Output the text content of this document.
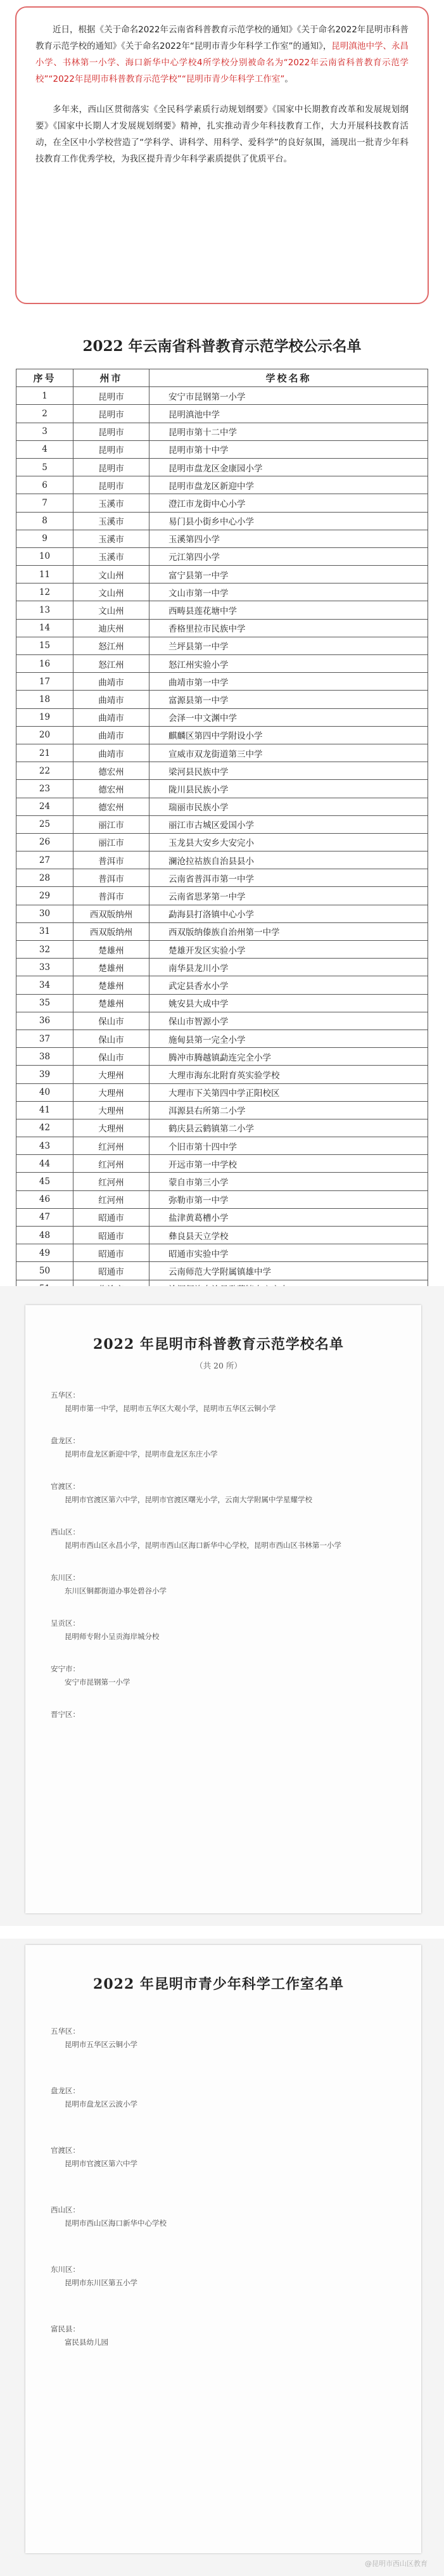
近日，根据《关于命名2022年云南省科普教育示范学校的通知》《关于命名2022年昆明市科普教育示范学校的通知》《关于命名2022年“昆明市青少年科学工作室”的通知》，昆明滇池中学、永昌小学、书林第一小学、海口新华中心学校4所学校分别被命名为“2022年云南省科普教育示范学校”“2022年昆明市科普教育示范学校”“昆明市青少年科学工作室”。

多年来，西山区贯彻落实《全民科学素质行动规划纲要》《国家中长期教育改革和发展规划纲要》《国家中长期人才发展规划纲要》精神，扎实推动青少年科技教育工作，大力开展科技教育活动，在全区中小学校营造了“学科学、讲科学、用科学、爱科学”的良好氛围，涌现出一批青少年科技教育工作优秀学校，为我区提升青少年科学素质提供了优质平台。

2022 年云南省科普教育示范学校公示名单
序号	州市	学校名称
1	昆明市	安宁市昆钢第一小学
2	昆明市	昆明滇池中学
3	昆明市	昆明市第十二中学
4	昆明市	昆明市第十中学
5	昆明市	昆明市盘龙区金康园小学
6	昆明市	昆明市盘龙区新迎中学
7	玉溪市	澄江市龙街中心小学
8	玉溪市	易门县小街乡中心小学
9	玉溪市	玉溪第四小学
10	玉溪市	元江第四小学
11	文山州	富宁县第一中学
12	文山州	文山市第一中学
13	文山州	西畴县莲花塘中学
14	迪庆州	香格里拉市民族中学
15	怒江州	兰坪县第一中学
16	怒江州	怒江州实验小学
17	曲靖市	曲靖市第一中学
18	曲靖市	富源县第一中学
19	曲靖市	会泽一中文渊中学
20	曲靖市	麒麟区第四中学附设小学
21	曲靖市	宣威市双龙街道第三中学
22	德宏州	梁河县民族中学
23	德宏州	陇川县民族小学
24	德宏州	瑞丽市民族小学
25	丽江市	丽江市古城区爱国小学
26	丽江市	玉龙县大安乡大安完小
27	普洱市	澜沧拉祜族自治县县小
28	普洱市	云南省普洱市第一中学
29	普洱市	云南省思茅第一中学
30	西双版纳州	勐海县打洛镇中心小学
31	西双版纳州	西双版纳傣族自治州第一中学
32	楚雄州	楚雄开发区实验小学
33	楚雄州	南华县龙川小学
34	楚雄州	武定县香水小学
35	楚雄州	姚安县大成中学
36	保山市	保山市智源小学
37	保山市	施甸县第一完全小学
38	保山市	腾冲市腾越镇勐连完全小学
39	大理州	大理市海东北附育英实验学校
40	大理州	大理市下关第四中学正阳校区
41	大理州	洱源县右所第二小学
42	大理州	鹤庆县云鹤镇第二小学
43	红河州	个旧市第十四中学
44	红河州	开远市第一中学校
45	红河州	蒙自市第三小学
46	红河州	弥勒市第一中学
47	昭通市	盐津黄葛槽小学
48	昭通市	彝良县天立学校
49	昭通市	昭通市实验中学
50	昭通市	云南师范大学附属镇雄中学

2022 年昆明市科普教育示范学校名单
（共 20 所）
五华区：
昆明市第一中学，昆明市五华区大观小学，昆明市五华区云铜小学
盘龙区：
昆明市盘龙区新迎中学，昆明市盘龙区东庄小学
官渡区：
昆明市官渡区第六中学，昆明市官渡区曙光小学，云南大学附属中学星耀学校
西山区：
昆明市西山区永昌小学，昆明市西山区海口新华中心学校，昆明市西山区书林第一小学
东川区：
东川区铜都街道办事处碧谷小学
呈贡区：
昆明师专附小呈贡海岸城分校
安宁市：
安宁市昆钢第一小学
晋宁区：
2022 年昆明市青少年科学工作室名单
五华区：
昆明市五华区云铜小学
盘龙区：
昆明市盘龙区云波小学
官渡区：
昆明市官渡区第六中学
西山区：
昆明市西山区海口新华中心学校
东川区：
昆明市东川区第五小学
富民县：
富民县幼儿园
@昆明市西山区教育
